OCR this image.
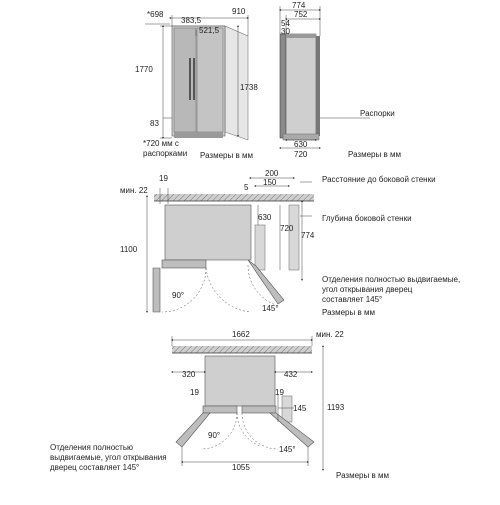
*698
383,5
521,5
910
1770
1738
83
*720 мм с
распорками Размеры в мм
774
752
54
30
630
720
Распорки
Размеры в мм
200
150
5
19
мин. 22
630
720
774
1100
90°
145°
Расстояние до боковой стенки
Глубина боковой стенки
Отделения полностью выдвигаемые,
угол открывания дверец
составляет 145°
Размеры в мм
1662	мин. 22
320	432
19	19
145	1193
90°
145°
1055
Отделения полностью
выдвигаемые, угол открывания
дверец составляет 145°
Размеры в мм
